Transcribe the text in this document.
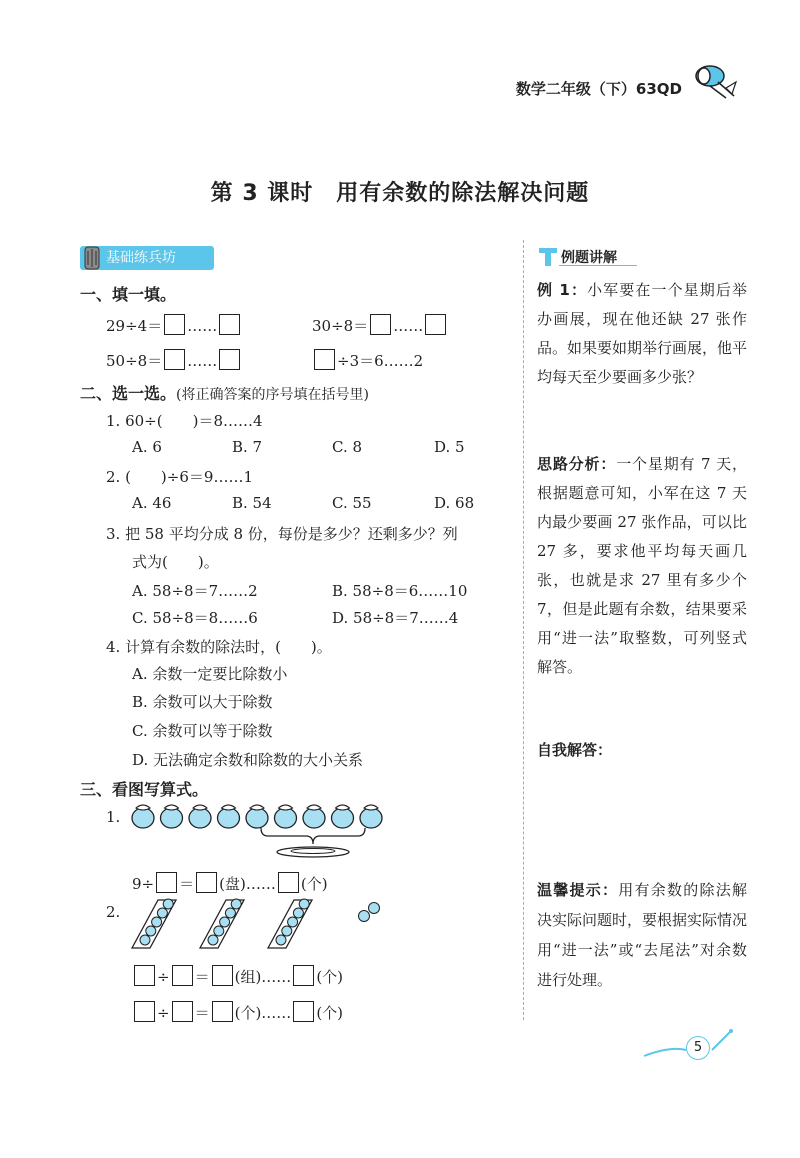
数学二年级（下）63QD
第 3 课时　用有余数的除法解决问题
基础练兵坊
一、填一填。
29÷4＝ ……	30÷8＝ ……
50÷8＝ ……	÷3＝6……2
二、选一选。(将正确答案的序号填在括号里)
1. 60÷(　　)＝8……4
A. 6	B. 7	C. 8	D. 5
2. (　　)÷6＝9……1
A. 46	B. 54	C. 55	D. 68
3. 把 58 平均分成 8 份，每份是多少？还剩多少？列
式为(　　)。
A. 58÷8＝7……2	B. 58÷8＝6……10
C. 58÷8＝8……6	D. 58÷8＝7……4
4. 计算有余数的除法时，(　　)。
A. 余数一定要比除数小
B. 余数可以大于除数
C. 余数可以等于除数
D. 无法确定余数和除数的大小关系
三、看图写算式。
1.
9÷ ＝ (盘)…… (个)
2.
÷ ＝ (组)…… (个)
÷ ＝ (个)…… (个)
例题讲解
例 1：小军要在一个星期后举办画展，现在他还缺 27 张作品。如果要如期举行画展，他平均每天至少要画多少张？
思路分析：一个星期有 7 天，根据题意可知，小军在这 7 天内最少要画 27 张作品，可以比 27 多，要求他平均每天画几张，也就是求 27 里有多少个 7，但是此题有余数，结果要采用“进一法”取整数，可列竖式解答。
自我解答：
温馨提示：用有余数的除法解决实际问题时，要根据实际情况用“进一法”或“去尾法”对余数进行处理。
5
